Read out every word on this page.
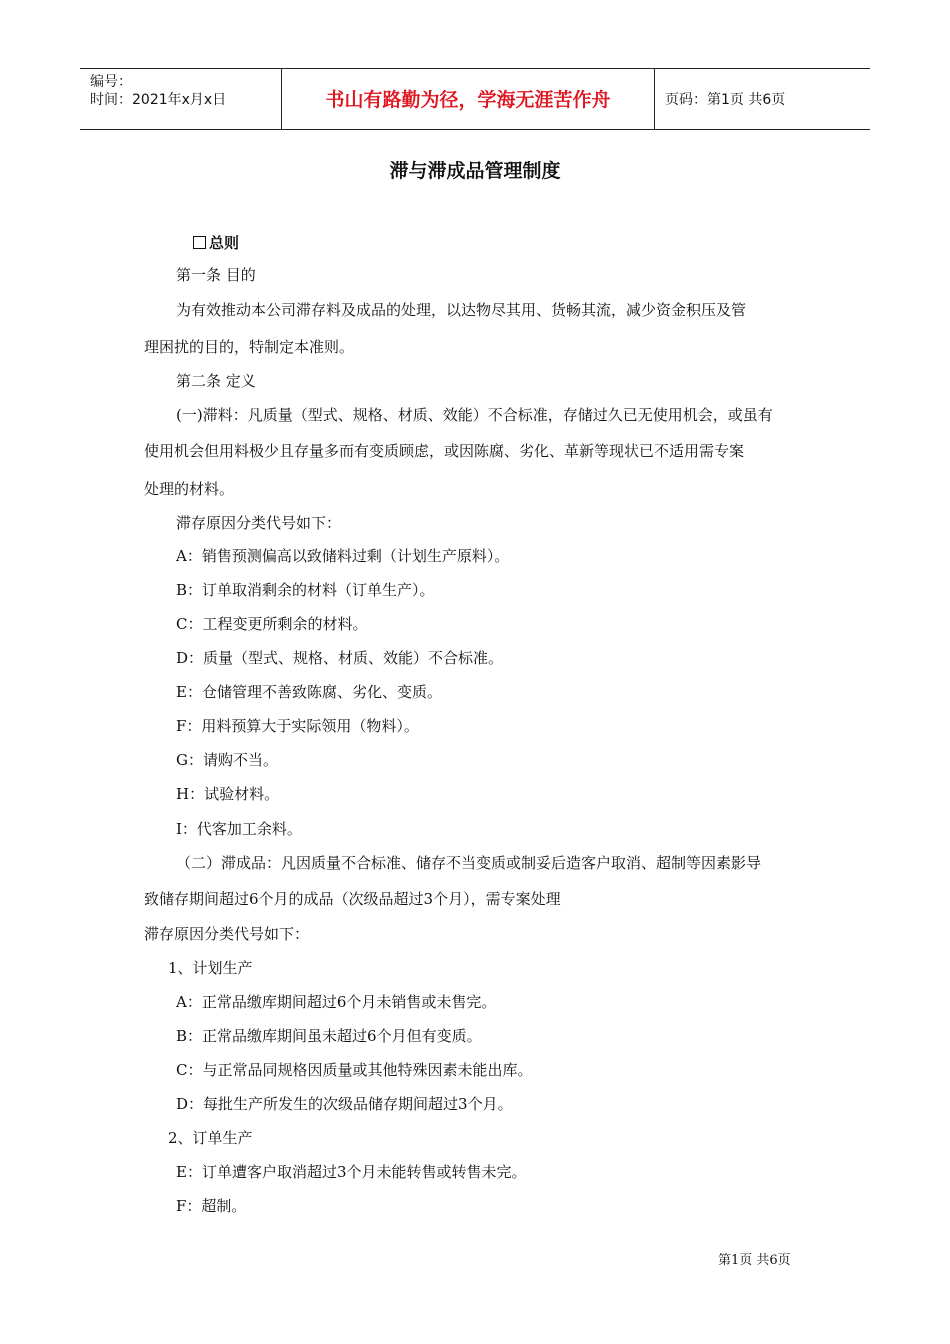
编号：
时间：2021年x月x日	书山有路勤为径，学海无涯苦作舟	页码：第1页 共6页
滞与滞成品管理制度
总则
第一条 目的
为有效推动本公司滞存料及成品的处理，以达物尽其用、货畅其流，减少资金积压及管
理困扰的目的，特制定本准则。
第二条 定义
(一)滞料：凡质量（型式、规格、材质、效能）不合标准，存储过久已无使用机会，或虽有
使用机会但用料极少且存量多而有变质顾虑，或因陈腐、劣化、革新等现状已不适用需专案
处理的材料。
滞存原因分类代号如下：
A：销售预测偏高以致储料过剩（计划生产原料）。
B：订单取消剩余的材料（订单生产）。
C：工程变更所剩余的材料。
D：质量（型式、规格、材质、效能）不合标准。
E：仓储管理不善致陈腐、劣化、变质。
F：用料预算大于实际领用（物料）。
G：请购不当。
H：试验材料。
I：代客加工余料。
（二）滞成品：凡因质量不合标准、储存不当变质或制妥后造客户取消、超制等因素影导
致储存期间超过6个月的成品（次级品超过3个月），需专案处理
滞存原因分类代号如下：
1、计划生产
A：正常品缴库期间超过6个月未销售或未售完。
B：正常品缴库期间虽未超过6个月但有变质。
C：与正常品同规格因质量或其他特殊因素未能出库。
D：每批生产所发生的次级品储存期间超过3个月。
2、订单生产
E：订单遭客户取消超过3个月未能转售或转售未完。
F：超制。
第1页 共6页
